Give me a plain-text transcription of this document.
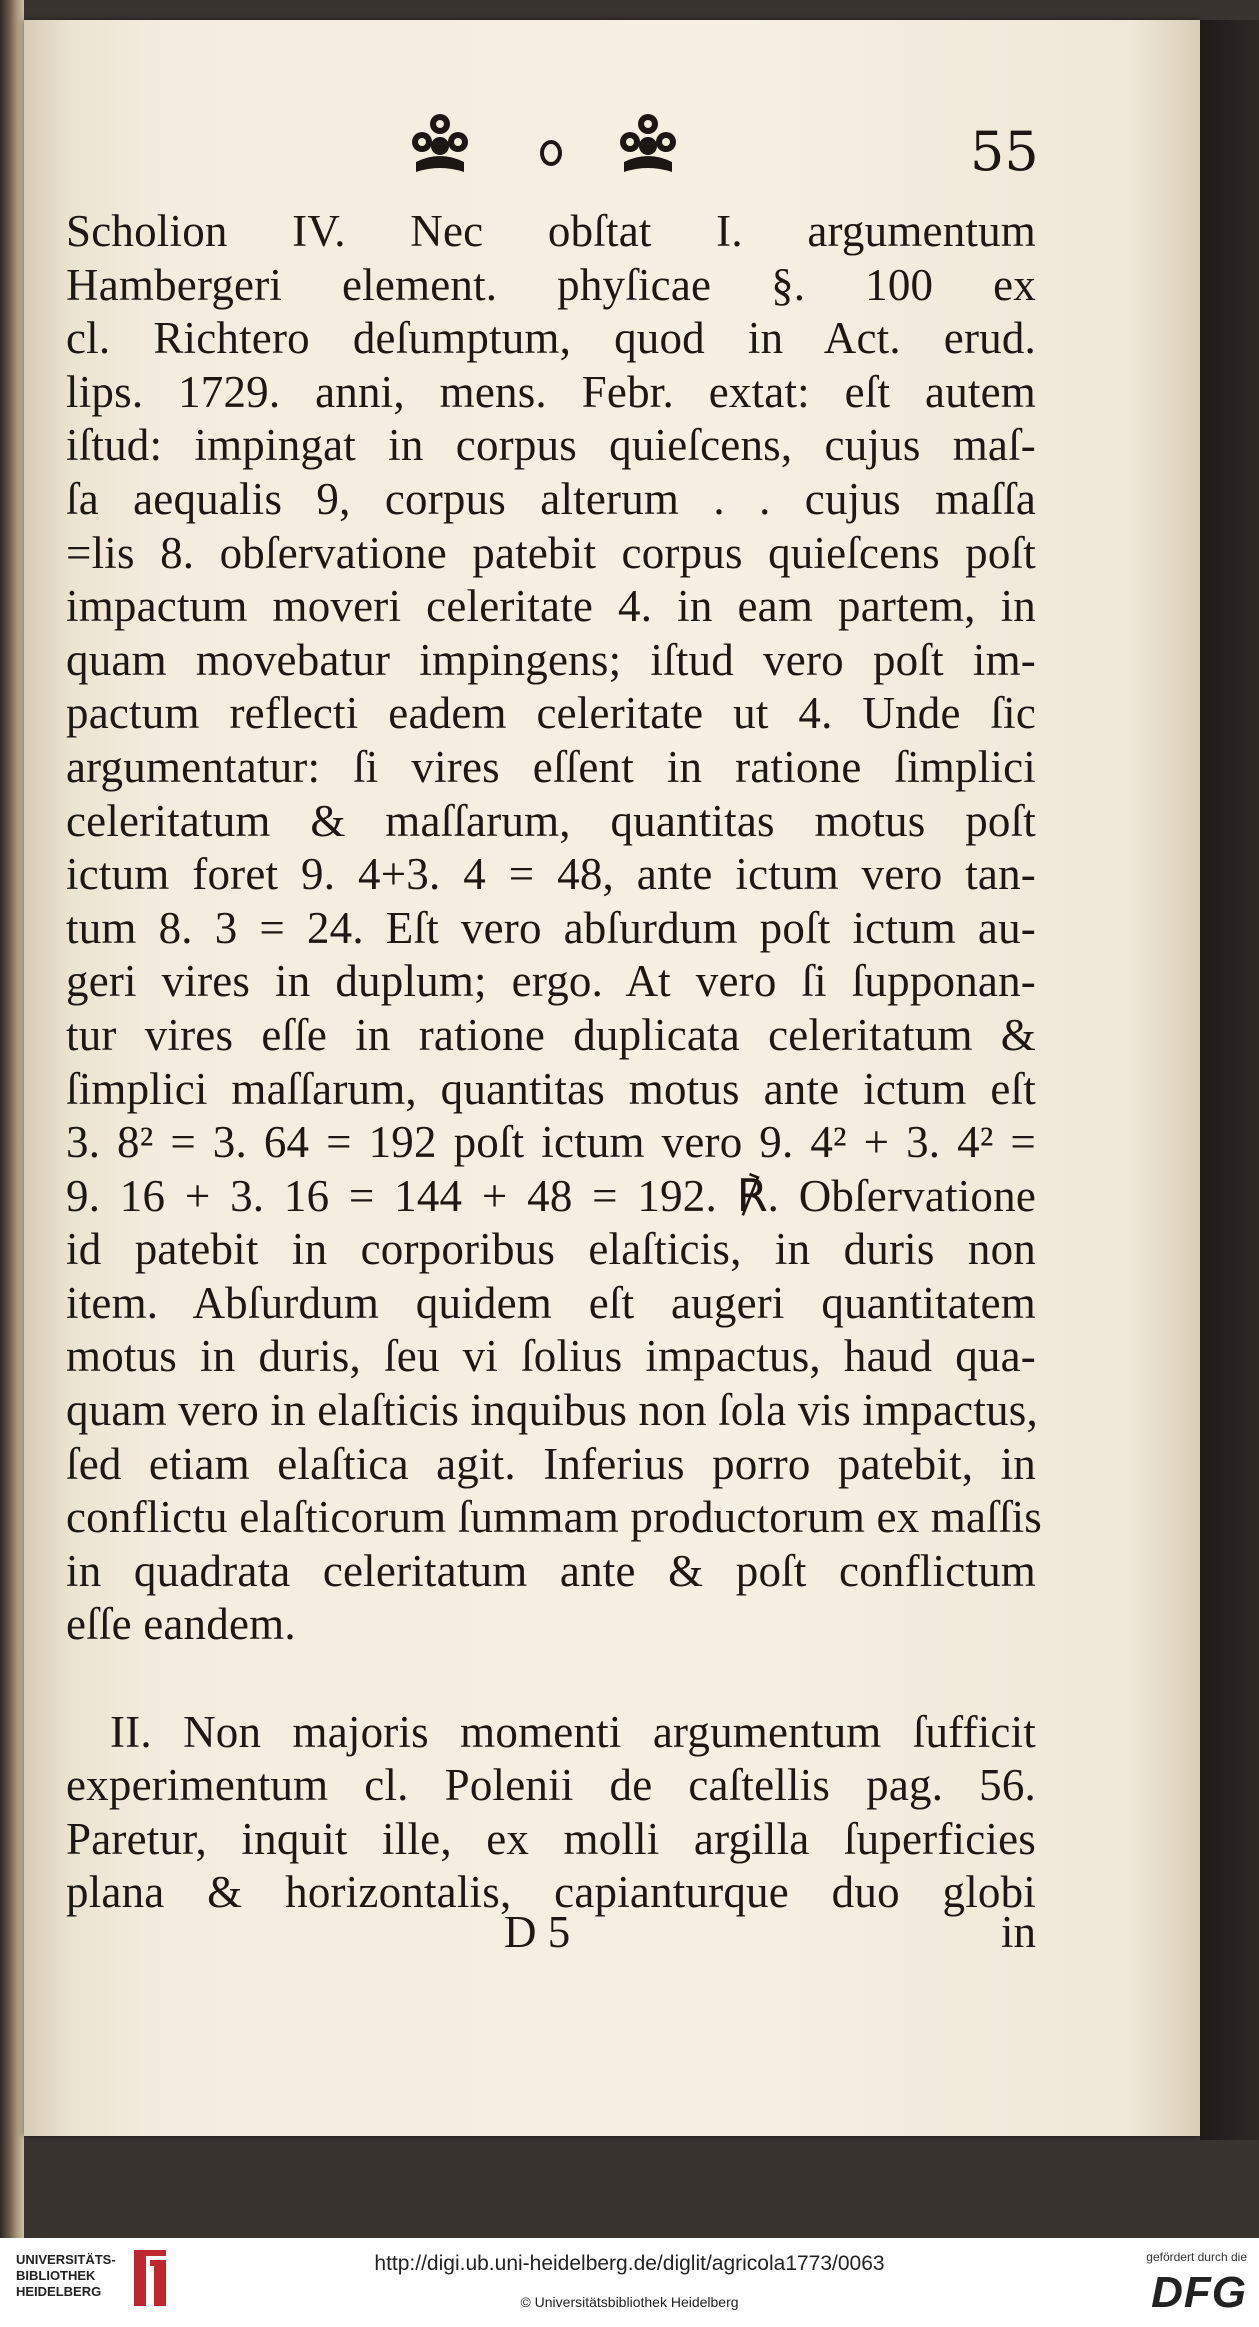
55
Scholion IV. Nec obſtat I. argumentum
Hambergeri element. phyſicae §. 100 ex
cl. Richtero deſumptum, quod in Act. erud.
lips. 1729. anni, mens. Febr. extat: eſt autem
iſtud: impingat in corpus quieſcens, cujus maſ-
ſa aequalis 9, corpus alterum . . cujus maſſa
=lis 8. obſervatione patebit corpus quieſcens poſt
impactum moveri celeritate 4. in eam partem, in
quam movebatur impingens; iſtud vero poſt im-
pactum reflecti eadem celeritate ut 4. Unde ſic
argumentatur: ſi vires eſſent in ratione ſimplici
celeritatum & maſſarum, quantitas motus poſt
ictum foret 9. 4+3. 4 = 48, ante ictum vero tan-
tum 8. 3 = 24. Eſt vero abſurdum poſt ictum au-
geri vires in duplum; ergo. At vero ſi ſupponan-
tur vires eſſe in ratione duplicata celeritatum &
ſimplici maſſarum, quantitas motus ante ictum eſt
3. 8² = 3. 64 = 192 poſt ictum vero 9. 4² + 3. 4² =
9. 16 + 3. 16 = 144 + 48 = 192. ℟. Obſervatione
id patebit in corporibus elaſticis, in duris non
item. Abſurdum quidem eſt augeri quantitatem
motus in duris, ſeu vi ſolius impactus, haud qua-
quam vero in elaſticis inquibus non ſola vis impactus,
ſed etiam elaſtica agit. Inferius porro patebit, in
conflictu elaſticorum ſummam productorum ex maſſis
in quadrata celeritatum ante & poſt conflictum
eſſe eandem.
II. Non majoris momenti argumentum ſufficit
experimentum cl. Polenii de caſtellis pag. 56.
Paretur, inquit ille, ex molli argilla ſuperficies
plana & horizontalis, capianturque duo globi
D 5	in
UNIVERSITÄTS-
BIBLIOTHEK
HEIDELBERG
http://digi.ub.uni-heidelberg.de/diglit/agricola1773/0063
© Universitätsbibliothek Heidelberg
gefördert durch die
DFG
